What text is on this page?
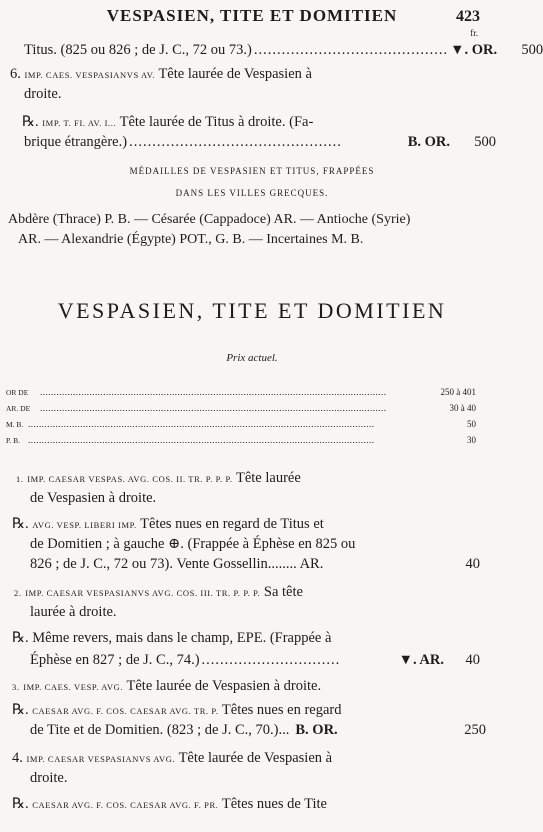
VESPASIEN, TITE ET DOMITIEN	423
fr.
Titus. (825 ou 826 ; de J. C., 72 ou 73.) .......................................... ▼. OR.	500
6. IMP. CAES. VESPASIANVS AV. Tête laurée de Vespasien à
droite.
℞. IMP. T. FI. AV. I... Tête laurée de Titus à droite. (Fa-
brique étrangère.) ..............................................	B. OR.	500
MÉDAILLES DE VESPASIEN ET TITUS, FRAPPÉES
DANS LES VILLES GRECQUES.
Abdère (Thrace) P. B. — Césarée (Cappadoce) AR. — Antioche (Syrie)
AR. — Alexandrie (Égypte) POT., G. B. — Incertaines M. B.
VESPASIEN, TITE ET DOMITIEN
Prix actuel.
OR DE	..............................................................................................................................	250 à 401
AR. DE	..............................................................................................................................	30 à 40
M. B. ..............................................................................................................................	50
P. B. ..............................................................................................................................	30
1. IMP. CAESAR VESPAS. AVG. COS. II. TR. P. P. P. Tête laurée
de Vespasien à droite.
℞. AVG. VESP. LIBERI IMP. Têtes nues en regard de Titus et
de Domitien ; à gauche ⊕. (Frappée à Éphèse en 825 ou
826 ; de J. C., 72 ou 73). Vente Gossellin........ AR.	40
2. IMP. CAESAR VESPASIANVS AVG. COS. III. TR. P. P. P. Sa tête
laurée à droite.
℞. Même revers, mais dans le champ, EPE. (Frappée à
Éphèse en 827 ; de J. C., 74.) ..............................	▼. AR. 40
3. IMP. CAES. VESP. AVG. Tête laurée de Vespasien à droite.
℞. CAESAR AVG. F. COS. CAESAR AVG. TR. P. Têtes nues en regard
de Tite et de Domitien. (823 ; de J. C., 70.)... B. OR.	250
4. IMP. CAESAR VESPASIANVS AVG. Tête laurée de Vespasien à
droite.
℞. CAESAR AVG. F. COS. CAESAR AVG. F. PR. Têtes nues de Tite
